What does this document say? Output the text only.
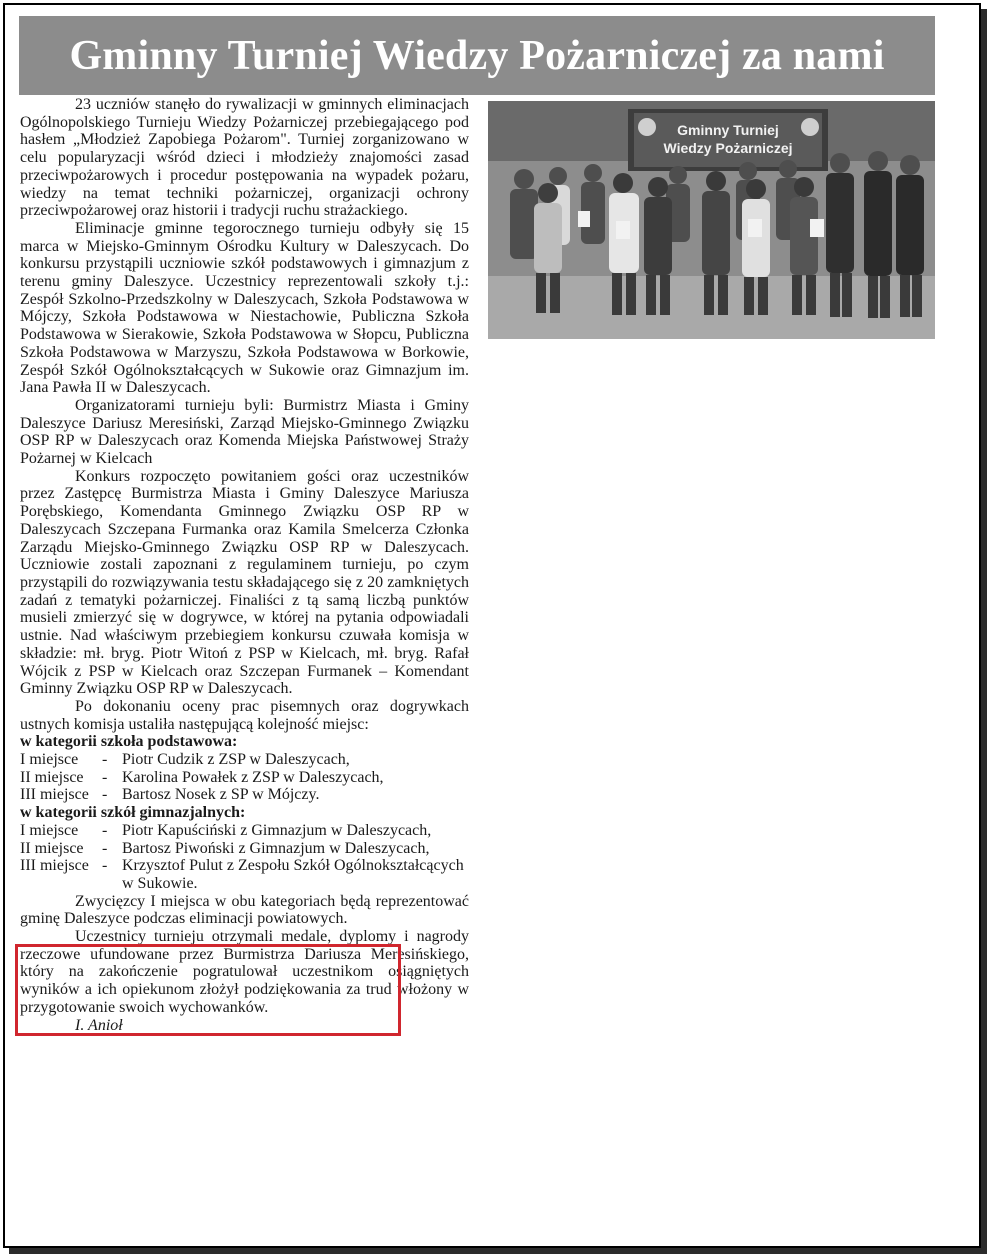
Gminny Turniej Wiedzy Pożarniczej za nami

23 uczniów stanęło do rywalizacji w gminnych eliminacjach Ogólnopolskiego Turnieju Wiedzy Pożarniczej przebiegającego pod hasłem „Młodzież Zapobiega Pożarom". Turniej zorganizowano w celu popularyzacji wśród dzieci i młodzieży znajomości zasad przeciwpożarowych i procedur postępowania na wypadek pożaru, wiedzy na temat techniki pożarniczej, organizacji ochrony przeciwpożarowej oraz historii i tradycji ruchu strażackiego.

Eliminacje gminne tegorocznego turnieju odbyły się 15 marca w Miejsko-Gminnym Ośrodku Kultury w Daleszycach. Do konkursu przystąpili uczniowie szkół podstawowych i gimnazjum z terenu gminy Daleszyce. Uczestnicy reprezentowali szkoły t.j.: Zespół Szkolno-Przedszkolny w Daleszycach, Szkoła Podstawowa w Mójczy, Szkoła Podstawowa w Niestachowie, Publiczna Szkoła Podstawowa w Sierakowie, Szkoła Podstawowa w Słopcu, Publiczna Szkoła Podstawowa w Marzyszu, Szkoła Podstawowa w Borkowie, Zespół Szkół Ogólnokształcących w Sukowie oraz Gimnazjum im. Jana Pawła II w Daleszycach.

Organizatorami turnieju byli: Burmistrz Miasta i Gminy Daleszyce Dariusz Meresiński, Zarząd Miejsko-Gminnego Związku OSP RP w Daleszycach oraz Komenda Miejska Państwowej Straży Pożarnej w Kielcach

Konkurs rozpoczęto powitaniem gości oraz uczestników przez Zastępcę Burmistrza Miasta i Gminy Daleszyce Mariusza Porębskiego, Komendanta Gminnego Związku OSP RP w Daleszycach Szczepana Furmanka oraz Kamila Smelcerza Członka Zarządu Miejsko-Gminnego Związku OSP RP w Daleszycach. Uczniowie zostali zapoznani z regulaminem turnieju, po czym przystąpili do rozwiązywania testu składającego się z 20 zamkniętych zadań z tematyki pożarniczej. Finaliści z tą samą liczbą punktów musieli zmierzyć się w dogrywce, w której na pytania odpowiadali ustnie. Nad właściwym przebiegiem konkursu czuwała komisja w składzie: mł. bryg. Piotr Witoń z PSP w Kielcach, mł. bryg. Rafał Wójcik z PSP w Kielcach oraz Szczepan Furmanek – Komendant Gminny Związku OSP RP w Daleszycach.

Po dokonaniu oceny prac pisemnych oraz dogrywkach ustnych komisja ustaliła następującą kolejność miejsc:

w kategorii szkoła podstawowa:

I miejsce	- Piotr Cudzik z ZSP w Daleszycach,
II miejsce	- Karolina Powałek z ZSP w Daleszycach,
III miejsce - Bartosz Nosek z SP w Mójczy.

w kategorii szkół gimnazjalnych:

I miejsce	- Piotr Kapuściński z Gimnazjum w Daleszycach,
II miejsce	- Bartosz Piwoński z Gimnazjum w Daleszycach,
III miejsce - Krzysztof Pulut z Zespołu Szkół Ogólnokształcących w Sukowie.

Zwycięzcy I miejsca w obu kategoriach będą reprezentować gminę Daleszyce podczas eliminacji powiatowych.

Uczestnicy turnieju otrzymali medale, dyplomy i nagrody rzeczowe ufundowane przez Burmistrza Dariusza Meresińskiego, który na zakończenie pogratulował uczestnikom osiągniętych wyników a ich opiekunom złożył podziękowania za trud włożony w przygotowanie swoich wychowanków.

I. Anioł

Gminny Turniej
Wiedzy Pożarniczej
